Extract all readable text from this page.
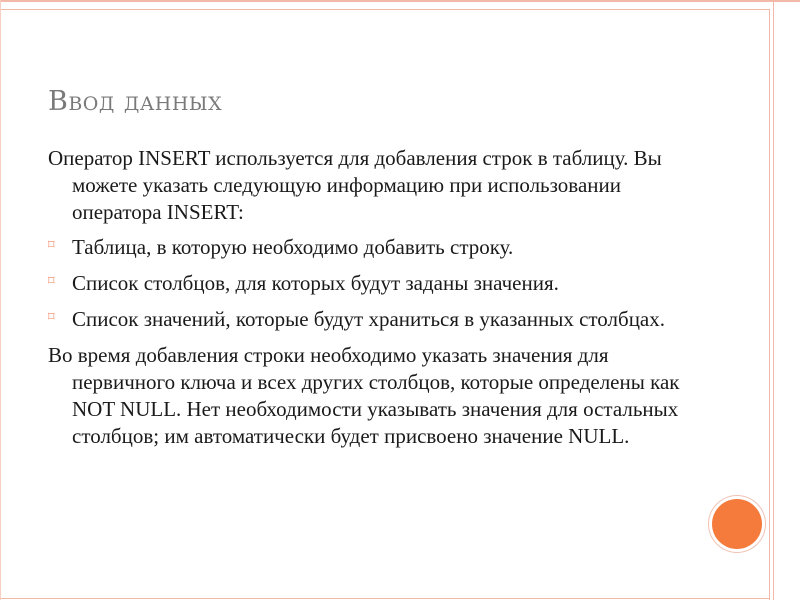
Ввод данных

Оператор INSERT используется для добавления строк в таблицу. Вы можете указать следующую информацию при использовании оператора INSERT:

⌑ Таблица, в которую необходимо добавить строку.
⌑ Список столбцов, для которых будут заданы значения.
⌑ Список значений, которые будут храниться в указанных столбцах.

Во время добавления строки необходимо указать значения для первичного ключа и всех других столбцов, которые определены как NOT NULL. Нет необходимости указывать значения для остальных столбцов; им автоматически будет присвоено значение NULL.
